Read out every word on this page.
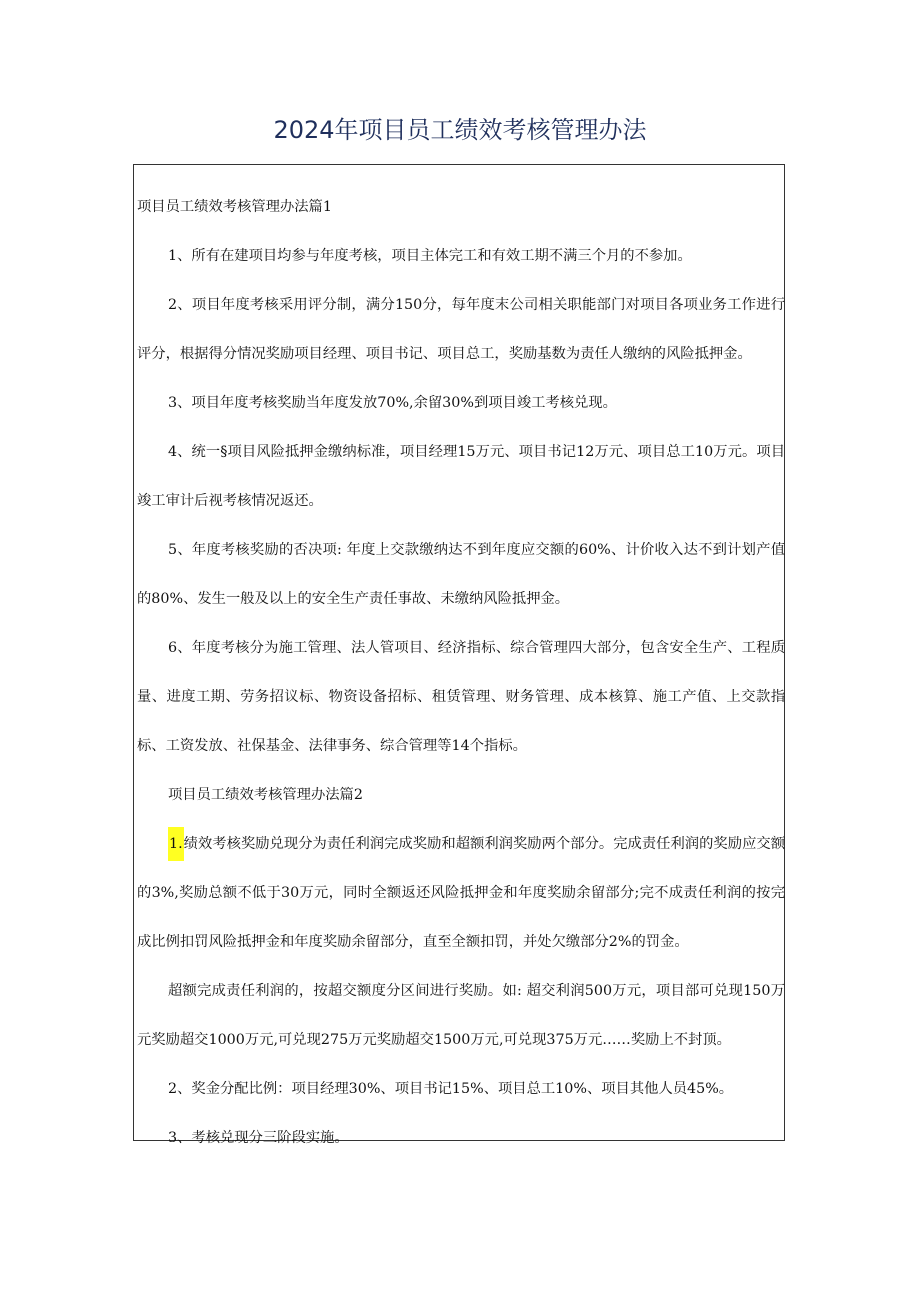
2024年项目员工绩效考核管理办法

项目员工绩效考核管理办法篇1

1、所有在建项目均参与年度考核，项目主体完工和有效工期不满三个月的不参加。

2、项目年度考核采用评分制，满分150分，每年度末公司相关职能部门对项目各项业务工作进行评分，根据得分情况奖励项目经理、项目书记、项目总工，奖励基数为责任人缴纳的风险抵押金。

3、项目年度考核奖励当年度发放70%,余留30%到项目竣工考核兑现。

4、统一§项目风险抵押金缴纳标准，项目经理15万元、项目书记12万元、项目总工10万元。项目竣工审计后视考核情况返还。

5、年度考核奖励的否决项: 年度上交款缴纳达不到年度应交额的60%、计价收入达不到计划产值的80%、发生一般及以上的安全生产责任事故、未缴纳风险抵押金。

6、年度考核分为施工管理、法人管项目、经济指标、综合管理四大部分，包含安全生产、工程质量、进度工期、劳务招议标、物资设备招标、租赁管理、财务管理、成本核算、施工产值、上交款指标、工资发放、社保基金、法律事务、综合管理等14个指标。

项目员工绩效考核管理办法篇2

1.绩效考核奖励兑现分为责任利润完成奖励和超额利润奖励两个部分。完成责任利润的奖励应交额的3%,奖励总额不低于30万元，同时全额返还风险抵押金和年度奖励余留部分;完不成责任利润的按完成比例扣罚风险抵押金和年度奖励余留部分，直至全额扣罚，并处欠缴部分2%的罚金。

超额完成责任利润的，按超交额度分区间进行奖励。如: 超交利润500万元，项目部可兑现150万元奖励超交1000万元,可兑现275万元奖励超交1500万元,可兑现375万元……奖励上不封顶。

2、奖金分配比例：项目经理30%、项目书记15%、项目总工10%、项目其他人员45%。

3、考核兑现分三阶段实施。
